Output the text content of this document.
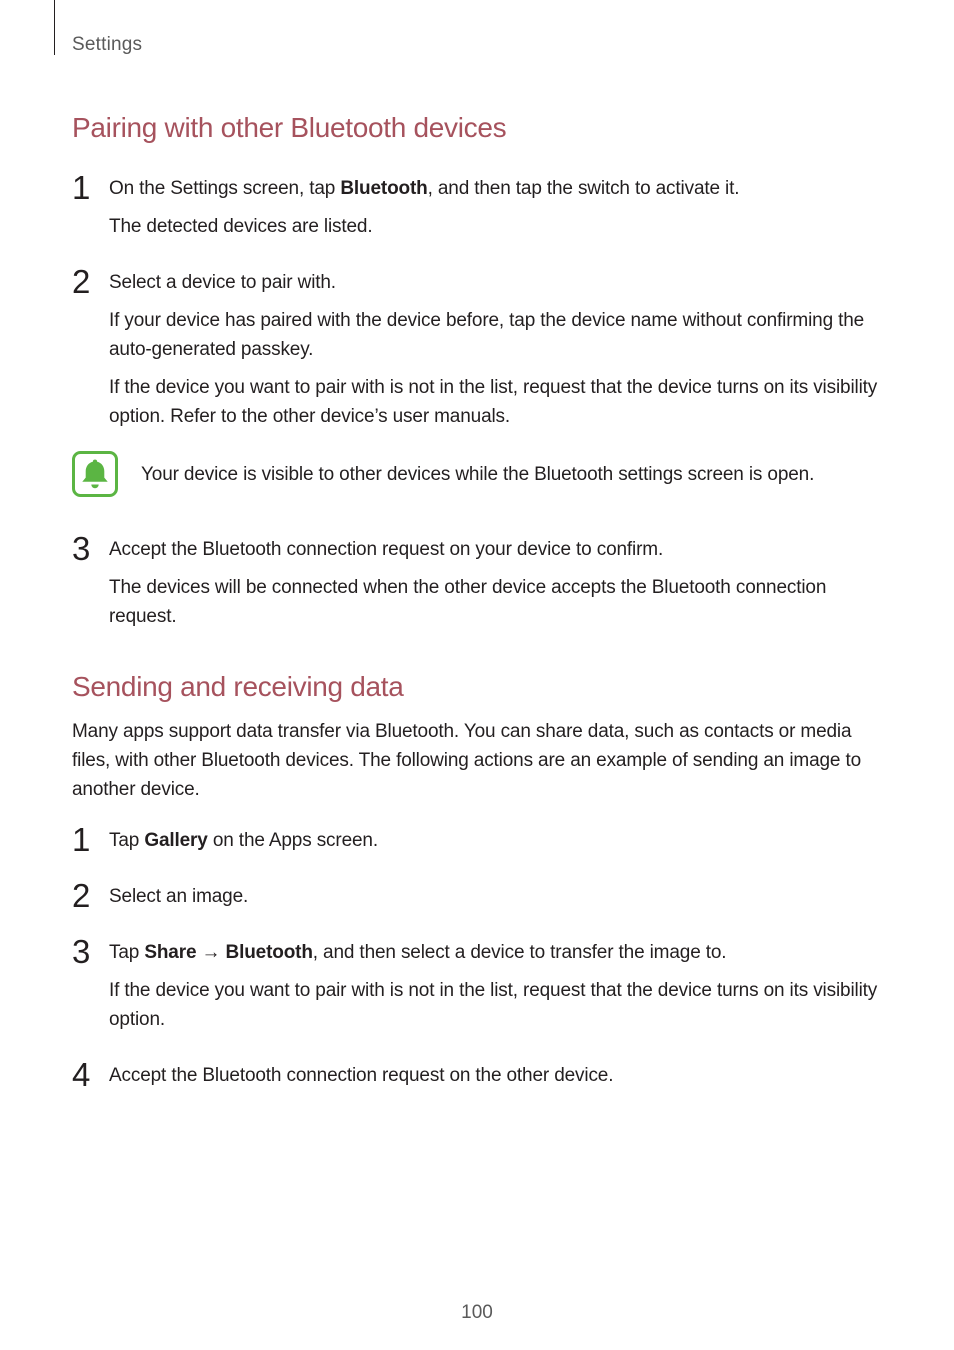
Settings
Pairing with other Bluetooth devices
1 On the Settings screen, tap Bluetooth, and then tap the switch to activate it.
The detected devices are listed.
2 Select a device to pair with.
If your device has paired with the device before, tap the device name without confirming the auto-generated passkey.
If the device you want to pair with is not in the list, request that the device turns on its visibility option. Refer to the other device’s user manuals.
Your device is visible to other devices while the Bluetooth settings screen is open.
3 Accept the Bluetooth connection request on your device to confirm.
The devices will be connected when the other device accepts the Bluetooth connection request.
Sending and receiving data
Many apps support data transfer via Bluetooth. You can share data, such as contacts or media files, with other Bluetooth devices. The following actions are an example of sending an image to another device.
1 Tap Gallery on the Apps screen.
2 Select an image.
3 Tap Share → Bluetooth, and then select a device to transfer the image to.
If the device you want to pair with is not in the list, request that the device turns on its visibility option.
4 Accept the Bluetooth connection request on the other device.
100
